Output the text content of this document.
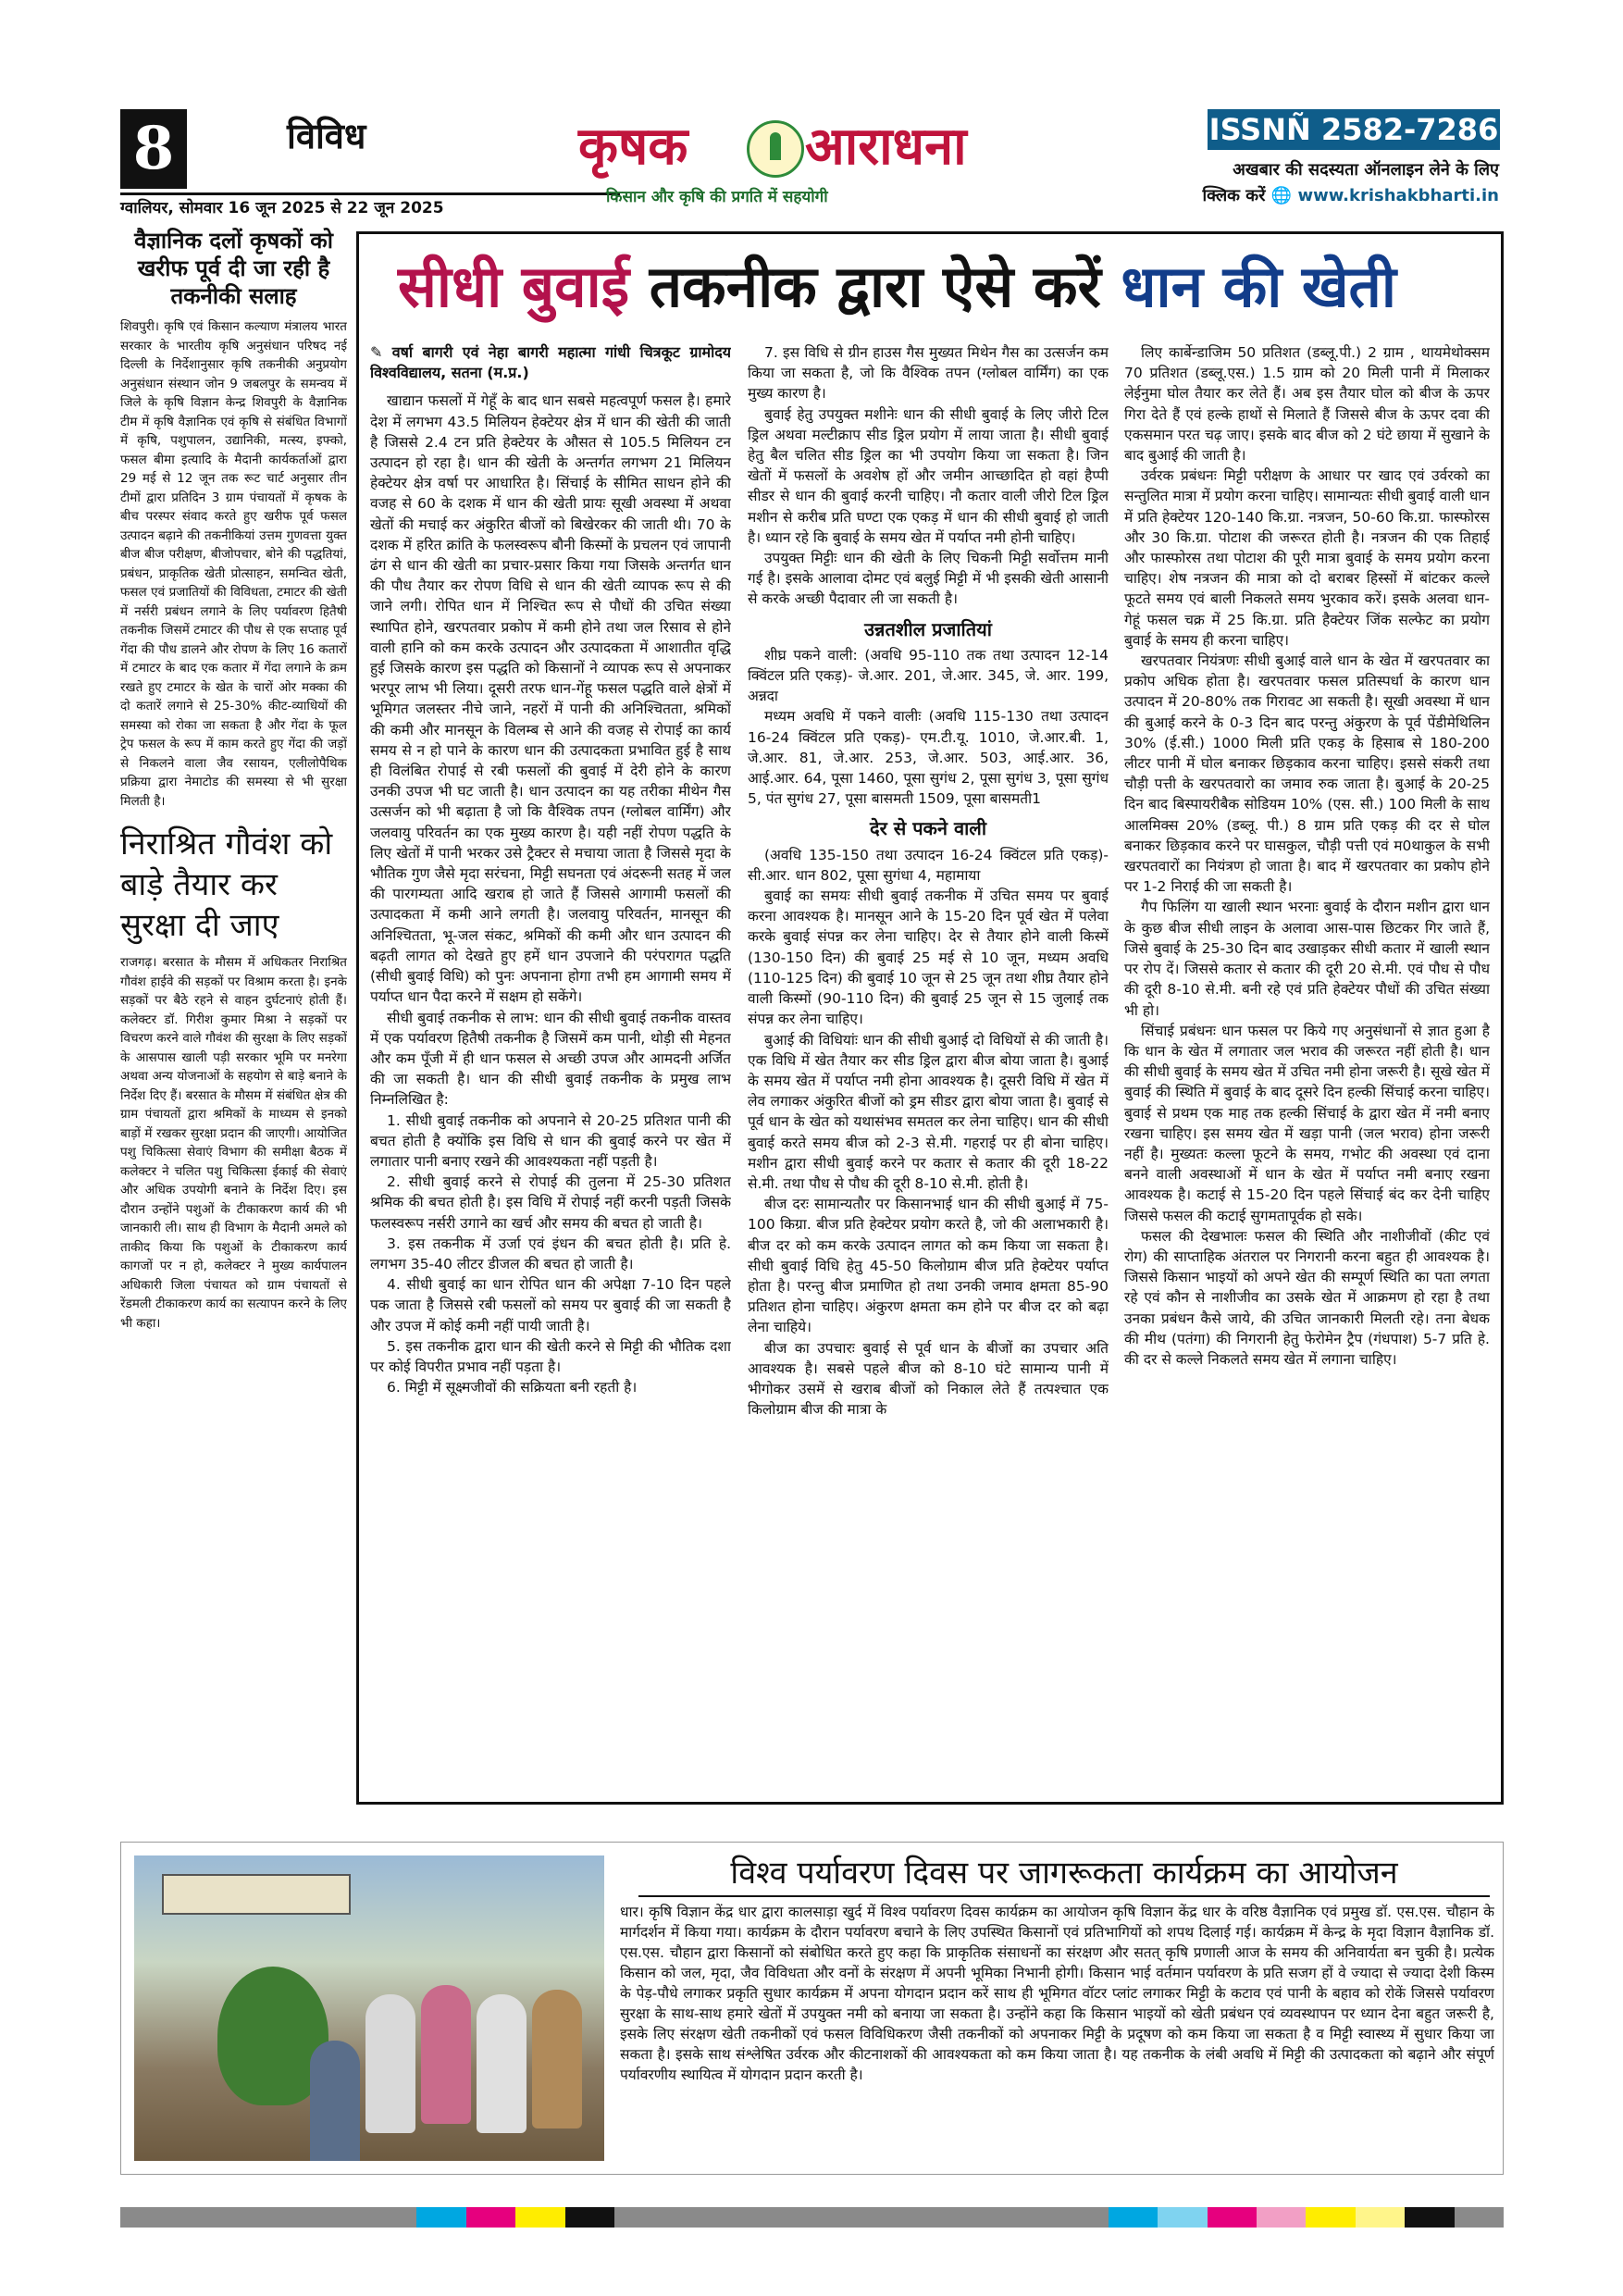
8	विविध
ग्वालियर, सोमवार 16 जून 2025 से 22 जून 2025
कृषक आराधना
किसान और कृषि की प्रगति में सहयोगी
ISSNÑ 2582-7286
अखबार की सदस्यता ऑनलाइन लेने के लिए
क्लिक करें 🌐 www.krishakbharti.in
वैज्ञानिक दलों कृषकों को खरीफ पूर्व दी जा रही है तकनीकी सलाह

शिवपुरी। कृषि एवं किसान कल्याण मंत्रालय भारत सरकार के भारतीय कृषि अनुसंधान परिषद नई दिल्ली के निर्देशानुसार कृषि तकनीकी अनुप्रयोग अनुसंधान संस्थान जोन 9 जबलपुर के समन्वय में जिले के कृषि विज्ञान केन्द्र शिवपुरी के वैज्ञानिक टीम में कृषि वैज्ञानिक एवं कृषि से संबंधित विभागों में कृषि, पशुपालन, उद्यानिकी, मत्स्य, इफ्को, फसल बीमा इत्यादि के मैदानी कार्यकर्ताओं द्वारा 29 मई से 12 जून तक रूट चार्ट अनुसार तीन टीमों द्वारा प्रतिदिन 3 ग्राम पंचायतों में कृषक के बीच परस्पर संवाद करते हुए खरीफ पूर्व फसल उत्पादन बढ़ाने की तकनीकियां उत्तम गुणवत्ता युक्त बीज बीज परीक्षण, बीजोपचार, बोने की पद्धतियां, प्रबंधन, प्राकृतिक खेती प्रोत्साहन, समन्वित खेती, फसल एवं प्रजातियों की विविधता, टमाटर की खेती में नर्सरी प्रबंधन लगाने के लिए पर्यावरण हितैषी तकनीक जिसमें टमाटर की पौध से एक सप्ताह पूर्व गेंदा की पौध डालने और रोपण के लिए 16 कतारों में टमाटर के बाद एक कतार में गेंदा लगाने के क्रम रखते हुए टमाटर के खेत के चारों ओर मक्का की दो कतारें लगाने से 25-30% कीट-व्याधियों की समस्या को रोका जा सकता है और गेंदा के फूल ट्रेप फसल के रूप में काम करते हुए गेंदा की जड़ों से निकलने वाला जैव रसायन, एलीलोपैथिक प्रक्रिया द्वारा नेमाटोड की समस्या से भी सुरक्षा मिलती है।

निराश्रित गौवंश को बाड़े तैयार कर सुरक्षा दी जाए

राजगढ़। बरसात के मौसम में अधिकतर निराश्रित गौवंश हाईवे की सड़कों पर विश्राम करता है। इनके सड़कों पर बैठे रहने से वाहन दुर्घटनाएं होती हैं। कलेक्टर डॉ. गिरीश कुमार मिश्रा ने सड़कों पर विचरण करने वाले गौवंश की सुरक्षा के लिए सड़कों के आसपास खाली पड़ी सरकार भूमि पर मनरेगा अथवा अन्य योजनाओं के सहयोग से बाड़े बनाने के निर्देश दिए हैं। बरसात के मौसम में संबंधित क्षेत्र की ग्राम पंचायतों द्वारा श्रमिकों के माध्यम से इनको बाड़ों में रखकर सुरक्षा प्रदान की जाएगी। आयोजित पशु चिकित्सा सेवाएं विभाग की समीक्षा बैठक में कलेक्टर ने चलित पशु चिकित्सा ईकाई की सेवाएं और अधिक उपयोगी बनाने के निर्देश दिए। इस दौरान उन्होंने पशुओं के टीकाकरण कार्य की भी जानकारी ली। साथ ही विभाग के मैदानी अमले को ताकीद किया कि पशुओं के टीकाकरण कार्य कागजों पर न हो, कलेक्टर ने मुख्य कार्यपालन अधिकारी जिला पंचायत को ग्राम पंचायतों से रेंडमली टीकाकरण कार्य का सत्यापन करने के लिए भी कहा।

सीधी बुवाई तकनीक द्वारा ऐसे करें धान की खेती

✎ वर्षा बागरी एवं नेहा बागरी महात्मा गांधी चित्रकूट ग्रामोदय विश्वविद्यालय, सतना (म.प्र.)

खाद्यान फसलों में गेहूँ के बाद धान सबसे महत्वपूर्ण फसल है। हमारे देश में लगभग 43.5 मिलियन हेक्टेयर क्षेत्र में धान की खेती की जाती है जिससे 2.4 टन प्रति हेक्टेयर के औसत से 105.5 मिलियन टन उत्पादन हो रहा है। धान की खेती के अन्तर्गत लगभग 21 मिलियन हेक्टेयर क्षेत्र वर्षा पर आधारित है। सिंचाई के सीमित साधन होने की वजह से 60 के दशक में धान की खेती प्रायः सूखी अवस्था में अथवा खेतों की मचाई कर अंकुरित बीजों को बिखेरकर की जाती थी। 70 के दशक में हरित क्रांति के फलस्वरूप बौनी किस्मों के प्रचलन एवं जापानी ढंग से धान की खेती का प्रचार-प्रसार किया गया जिसके अन्तर्गत धान की पौध तैयार कर रोपण विधि से धान की खेती व्यापक रूप से की जाने लगी। रोपित धान में निश्चित रूप से पौधों की उचित संख्या स्थापित होने, खरपतवार प्रकोप में कमी होने तथा जल रिसाव से होने वाली हानि को कम करके उत्पादन और उत्पादकता में आशातीत वृद्धि हुई जिसके कारण इस पद्धति को किसानों ने व्यापक रूप से अपनाकर भरपूर लाभ भी लिया। दूसरी तरफ धान-गेंहू फसल पद्धति वाले क्षेत्रों में भूमिगत जलस्तर नीचे जाने, नहरों में पानी की अनिश्चितता, श्रमिकों की कमी और मानसून के विलम्ब से आने की वजह से रोपाई का कार्य समय से न हो पाने के कारण धान की उत्पादकता प्रभावित हुई है साथ ही विलंबित रोपाई से रबी फसलों की बुवाई में देरी होने के कारण उनकी उपज भी घट जाती है। धान उत्पादन का यह तरीका मीथेन गैस उत्सर्जन को भी बढ़ाता है जो कि वैश्विक तपन (ग्लोबल वार्मिंग) और जलवायु परिवर्तन का एक मुख्य कारण है। यही नहीं रोपण पद्धति के लिए खेतों में पानी भरकर उसे ट्रैक्टर से मचाया जाता है जिससे मृदा के भौतिक गुण जैसे मृदा सरंचना, मिट्टी सघनता एवं अंदरूनी सतह में जल की पारगम्यता आदि खराब हो जाते हैं जिससे आगामी फसलों की उत्पादकता में कमी आने लगती है। जलवायु परिवर्तन, मानसून की अनिश्चितता, भू-जल संकट, श्रमिकों की कमी और धान उत्पादन की बढ़ती लागत को देखते हुए हमें धान उपजाने की परंपरागत पद्धति (सीधी बुवाई विधि) को पुनः अपनाना होगा तभी हम आगामी समय में पर्याप्त धान पैदा करने में सक्षम हो सकेंगे।

सीधी बुवाई तकनीक से लाभ: धान की सीधी बुवाई तकनीक वास्तव में एक पर्यावरण हितैषी तकनीक है जिसमें कम पानी, थोड़ी सी मेहनत और कम पूँजी में ही धान फसल से अच्छी उपज और आमदनी अर्जित की जा सकती है। धान की सीधी बुवाई तकनीक के प्रमुख लाभ निम्नलिखित है:

1. सीधी बुवाई तकनीक को अपनाने से 20-25 प्रतिशत पानी की बचत होती है क्योंकि इस विधि से धान की बुवाई करने पर खेत में लगातार पानी बनाए रखने की आवश्यकता नहीं पड़ती है।

2. सीधी बुवाई करने से रोपाई की तुलना में 25-30 प्रतिशत श्रमिक की बचत होती है। इस विधि में रोपाई नहीं करनी पड़ती जिसके फलस्वरूप नर्सरी उगाने का खर्च और समय की बचत हो जाती है।

3. इस तकनीक में उर्जा एवं इंधन की बचत होती है। प्रति हे. लगभग 35-40 लीटर डीजल की बचत हो जाती है।

4. सीधी बुवाई का धान रोपित धान की अपेक्षा 7-10 दिन पहले पक जाता है जिससे रबी फसलों को समय पर बुवाई की जा सकती है और उपज में कोई कमी नहीं पायी जाती है।

5. इस तकनीक द्वारा धान की खेती करने से मिट्टी की भौतिक दशा पर कोई विपरीत प्रभाव नहीं पड़ता है।

6. मिट्टी में सूक्ष्मजीवों की सक्रियता बनी रहती है।

7. इस विधि से ग्रीन हाउस गैस मुख्यत मिथेन गैस का उत्सर्जन कम किया जा सकता है, जो कि वैश्विक तपन (ग्लोबल वार्मिंग) का एक मुख्य कारण है।

बुवाई हेतु उपयुक्त मशीनेः धान की सीधी बुवाई के लिए जीरो टिल ड्रिल अथवा मल्टीक्राप सीड ड्रिल प्रयोग में लाया जाता है। सीधी बुवाई हेतु बैल चलित सीड ड्रिल का भी उपयोग किया जा सकता है। जिन खेतों में फसलों के अवशेष हों और जमीन आच्छादित हो वहां हैप्पी सीडर से धान की बुवाई करनी चाहिए। नौ कतार वाली जीरो टिल ड्रिल मशीन से करीब प्रति घण्टा एक एकड़ में धान की सीधी बुवाई हो जाती है। ध्यान रहे कि बुवाई के समय खेत में पर्याप्त नमी होनी चाहिए।

उपयुक्त मिट्टीः धान की खेती के लिए चिकनी मिट्टी सर्वोत्तम मानी गई है। इसके आलावा दोमट एवं बलुई मिट्टी में भी इसकी खेती आसानी से करके अच्छी पैदावार ली जा सकती है।

उन्नतशील प्रजातियां

शीघ्र पकने वाली: (अवधि 95-110 तक तथा उत्पादन 12-14 क्विंटल प्रति एकड़)- जे.आर. 201, जे.आर. 345, जे. आर. 199, अन्नदा

मध्यम अवधि में पकने वालीः (अवधि 115-130 तथा उत्पादन 16-24 क्विंटल प्रति एकड़)- एम.टी.यू. 1010, जे.आर.बी. 1, जे.आर. 81, जे.आर. 253, जे.आर. 503, आई.आर. 36, आई.आर. 64, पूसा 1460, पूसा सुगंध 2, पूसा सुगंध 3, पूसा सुगंध 5, पंत सुगंध 27, पूसा बासमती 1509, पूसा बासमती1

देर से पकने वाली

(अवधि 135-150 तथा उत्पादन 16-24 क्विंटल प्रति एकड़)- सी.आर. धान 802, पूसा सुगंधा 4, महामाया

बुवाई का समयः सीधी बुवाई तकनीक में उचित समय पर बुवाई करना आवश्यक है। मानसून आने के 15-20 दिन पूर्व खेत में पलेवा करके बुवाई संपन्न कर लेना चाहिए। देर से तैयार होने वाली किस्में (130-150 दिन) की बुवाई 25 मई से 10 जून, मध्यम अवधि (110-125 दिन) की बुवाई 10 जून से 25 जून तथा शीघ्र तैयार होने वाली किस्मों (90-110 दिन) की बुवाई 25 जून से 15 जुलाई तक संपन्न कर लेना चाहिए।

बुआई की विधियांः धान की सीधी बुआई दो विधियों से की जाती है। एक विधि में खेत तैयार कर सीड ड्रिल द्वारा बीज बोया जाता है। बुआई के समय खेत में पर्याप्त नमी होना आवश्यक है। दूसरी विधि में खेत में लेव लगाकर अंकुरित बीजों को ड्रम सीडर द्वारा बोया जाता है। बुवाई से पूर्व धान के खेत को यथासंभव समतल कर लेना चाहिए। धान की सीधी बुवाई करते समय बीज को 2-3 से.मी. गहराई पर ही बोना चाहिए। मशीन द्वारा सीधी बुवाई करने पर कतार से कतार की दूरी 18-22 से.मी. तथा पौध से पौध की दूरी 8-10 से.मी. होती है।

बीज दरः सामान्यतौर पर किसानभाई धान की सीधी बुआई में 75-100 किग्रा. बीज प्रति हेक्टेयर प्रयोग करते है, जो की अलाभकारी है। बीज दर को कम करके उत्पादन लागत को कम किया जा सकता है। सीधी बुवाई विधि हेतु 45-50 किलोग्राम बीज प्रति हेक्टेयर पर्याप्त होता है। परन्तु बीज प्रमाणित हो तथा उनकी जमाव क्षमता 85-90 प्रतिशत होना चाहिए। अंकुरण क्षमता कम होने पर बीज दर को बढ़ा लेना चाहिये।

बीज का उपचारः बुवाई से पूर्व धान के बीजों का उपचार अति आवश्यक है। सबसे पहले बीज को 8-10 घंटे सामान्य पानी में भीगोकर उसमें से खराब बीजों को निकाल लेते हैं तत्पश्चात एक किलोग्राम बीज की मात्रा के

लिए कार्बेन्डाजिम 50 प्रतिशत (डब्लू.पी.) 2 ग्राम , थायमेथोक्सम 70 प्रतिशत (डब्लू.एस.) 1.5 ग्राम को 20 मिली पानी में मिलाकर लेईनुमा घोल तैयार कर लेते हैं। अब इस तैयार घोल को बीज के ऊपर गिरा देते हैं एवं हल्के हाथों से मिलाते हैं जिससे बीज के ऊपर दवा की एकसमान परत चढ़ जाए। इसके बाद बीज को 2 घंटे छाया में सुखाने के बाद बुआई की जाती है।

उर्वरक प्रबंधनः मिट्टी परीक्षण के आधार पर खाद एवं उर्वरको का सन्तुलित मात्रा में प्रयोग करना चाहिए। सामान्यतः सीधी बुवाई वाली धान में प्रति हेक्टेयर 120-140 कि.ग्रा. नत्रजन, 50-60 कि.ग्रा. फास्फोरस और 30 कि.ग्रा. पोटाश की जरूरत होती है। नत्रजन की एक तिहाई और फास्फोरस तथा पोटाश की पूरी मात्रा बुवाई के समय प्रयोग करना चाहिए। शेष नत्रजन की मात्रा को दो बराबर हिस्सों में बांटकर कल्ले फूटते समय एवं बाली निकलते समय भुरकाव करें। इसके अलवा धान-गेहूं फसल चक्र में 25 कि.ग्रा. प्रति हैक्टेयर जिंक सल्फेट का प्रयोग बुवाई के समय ही करना चाहिए।

खरपतवार नियंत्रणः सीधी बुआई वाले धान के खेत में खरपतवार का प्रकोप अधिक होता है। खरपतवार फसल प्रतिस्पर्धा के कारण धान उत्पादन में 20-80% तक गिरावट आ सकती है। सूखी अवस्था में धान की बुआई करने के 0-3 दिन बाद परन्तु अंकुरण के पूर्व पेंडीमेथिलिन 30% (ई.सी.) 1000 मिली प्रति एकड़ के हिसाब से 180-200 लीटर पानी में घोल बनाकर छिड़काव करना चाहिए। इससे संकरी तथा चौड़ी पत्ती के खरपतवारो का जमाव रुक जाता है। बुआई के 20-25 दिन बाद बिस्पायरीबैक सोडियम 10% (एस. सी.) 100 मिली के साथ आलमिक्स 20% (डब्लू. पी.) 8 ग्राम प्रति एकड़ की दर से घोल बनाकर छिड़काव करने पर घासकुल, चौड़ी पत्ती एवं म0थाकुल के सभी खरपतवारों का नियंत्रण हो जाता है। बाद में खरपतवार का प्रकोप होने पर 1-2 निराई की जा सकती है।

गैप फिलिंग या खाली स्थान भरनाः बुवाई के दौरान मशीन द्वारा धान के कुछ बीज सीधी लाइन के अलावा आस-पास छिटकर गिर जाते हैं, जिसे बुवाई के 25-30 दिन बाद उखाड़कर सीधी कतार में खाली स्थान पर रोप दें। जिससे कतार से कतार की दूरी 20 से.मी. एवं पौध से पौध की दूरी 8-10 से.मी. बनी रहे एवं प्रति हेक्टेयर पौधों की उचित संख्या भी हो।

सिंचाई प्रबंधनः धान फसल पर किये गए अनुसंधानों से ज्ञात हुआ है कि धान के खेत में लगातार जल भराव की जरूरत नहीं होती है। धान की सीधी बुवाई के समय खेत में उचित नमी होना जरूरी है। सूखे खेत में बुवाई की स्थिति में बुवाई के बाद दूसरे दिन हल्की सिंचाई करना चाहिए। बुवाई से प्रथम एक माह तक हल्की सिंचाई के द्वारा खेत में नमी बनाए रखना चाहिए। इस समय खेत में खड़ा पानी (जल भराव) होना जरूरी नहीं है। मुख्यतः कल्ला फूटने के समय, गभोट की अवस्था एवं दाना बनने वाली अवस्थाओं में धान के खेत में पर्याप्त नमी बनाए रखना आवश्यक है। कटाई से 15-20 दिन पहले सिंचाई बंद कर देनी चाहिए जिससे फसल की कटाई सुगमतापूर्वक हो सके।

फसल की देखभालः फसल की स्थिति और नाशीजीवों (कीट एवं रोग) की साप्ताहिक अंतराल पर निगरानी करना बहुत ही आवश्यक है। जिससे किसान भाइयों को अपने खेत की सम्पूर्ण स्थिति का पता लगता रहे एवं कौन से नाशीजीव का उसके खेत में आक्रमण हो रहा है तथा उनका प्रबंधन कैसे जाये, की उचित जानकारी मिलती रहे। तना बेधक की मीथ (पतंगा) की निगरानी हेतु फेरोमेन ट्रैप (गंधपाश) 5-7 प्रति हे. की दर से कल्ले निकलते समय खेत में लगाना चाहिए।

विश्व पर्यावरण दिवस पर जागरूकता कार्यक्रम का आयोजन
धार। कृषि विज्ञान केंद्र धार द्वारा कालसाड़ा खुर्द में विश्व पर्यावरण दिवस कार्यक्रम का आयोजन कृषि विज्ञान केंद्र धार के वरिष्ठ वैज्ञानिक एवं प्रमुख डॉ. एस.एस. चौहान के मार्गदर्शन में किया गया। कार्यक्रम के दौरान पर्यावरण बचाने के लिए उपस्थित किसानों एवं प्रतिभागियों को शपथ दिलाई गई। कार्यक्रम में केन्द्र के मृदा विज्ञान वैज्ञानिक डॉ. एस.एस. चौहान द्वारा किसानों को संबोधित करते हुए कहा कि प्राकृतिक संसाधनों का संरक्षण और सतत् कृषि प्रणाली आज के समय की अनिवार्यता बन चुकी है। प्रत्येक किसान को जल, मृदा, जैव विविधता और वनों के संरक्षण में अपनी भूमिका निभानी होगी। किसान भाई वर्तमान पर्यावरण के प्रति सजग हों वे ज्यादा से ज्यादा देशी किस्म के पेड़-पौधे लगाकर प्रकृति सुधार कार्यक्रम में अपना योगदान प्रदान करें साथ ही भूमिगत वॉटर प्लांट लगाकर मिट्टी के कटाव एवं पानी के बहाव को रोकें जिससे पर्यावरण सुरक्षा के साथ-साथ हमारे खेतों में उपयुक्त नमी को बनाया जा सकता है। उन्होंने कहा कि किसान भाइयों को खेती प्रबंधन एवं व्यवस्थापन पर ध्यान देना बहुत जरूरी है, इसके लिए संरक्षण खेती तकनीकों एवं फसल विविधिकरण जैसी तकनीकों को अपनाकर मिट्टी के प्रदूषण को कम किया जा सकता है व मिट्टी स्वास्थ्य में सुधार किया जा सकता है। इसके साथ संश्लेषित उर्वरक और कीटनाशकों की आवश्यकता को कम किया जाता है। यह तकनीक के लंबी अवधि में मिट्टी की उत्पादकता को बढ़ाने और संपूर्ण पर्यावरणीय स्थायित्व में योगदान प्रदान करती है।
